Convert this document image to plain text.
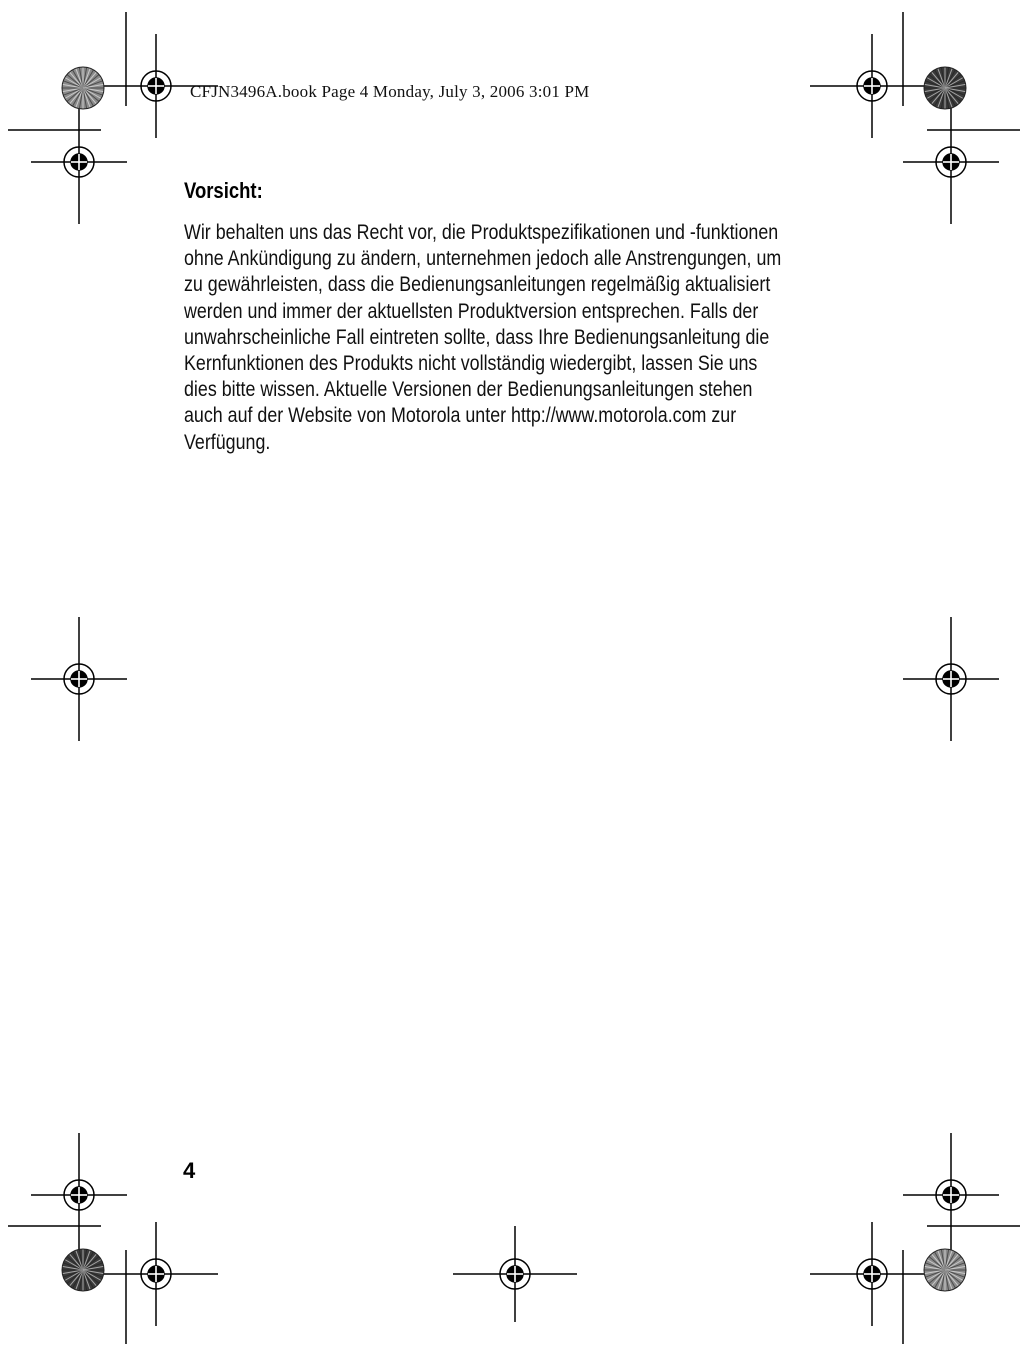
CFJN3496A.book Page 4 Monday, July 3, 2006 3:01 PM
Vorsicht:
Wir behalten uns das Recht vor, die Produktspezifikationen und -funktionen
ohne Ankündigung zu ändern, unternehmen jedoch alle Anstrengungen, um
zu gewährleisten, dass die Bedienungsanleitungen regelmäßig aktualisiert
werden und immer der aktuellsten Produktversion entsprechen. Falls der
unwahrscheinliche Fall eintreten sollte, dass Ihre Bedienungsanleitung die
Kernfunktionen des Produkts nicht vollständig wiedergibt, lassen Sie uns
dies bitte wissen. Aktuelle Versionen der Bedienungsanleitungen stehen
auch auf der Website von Motorola unter http://www.motorola.com zur
Verfügung.
4
